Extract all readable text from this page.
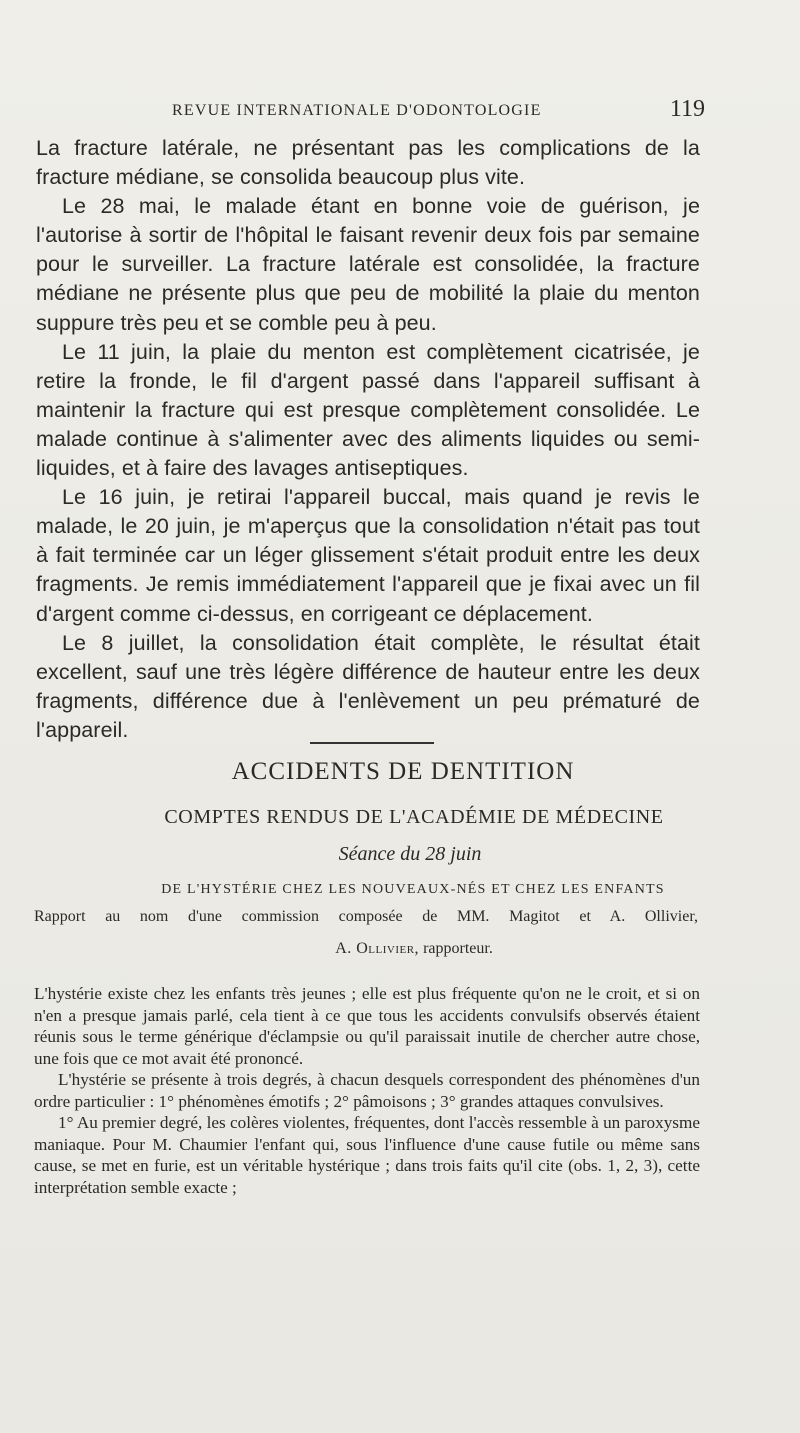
REVUE INTERNATIONALE D'ODONTOLOGIE	119

La fracture latérale, ne présentant pas les complications de la fracture médiane, se consolida beaucoup plus vite.

Le 28 mai, le malade étant en bonne voie de guérison, je l'autorise à sortir de l'hôpital le faisant revenir deux fois par semaine pour le surveiller. La fracture latérale est consolidée, la fracture médiane ne présente plus que peu de mobilité la plaie du menton suppure très peu et se comble peu à peu.

Le 11 juin, la plaie du menton est complètement cicatrisée, je retire la fronde, le fil d'argent passé dans l'appareil suffisant à maintenir la fracture qui est presque complètement consolidée. Le malade continue à s'alimenter avec des aliments liquides ou semi-liquides, et à faire des lavages antiseptiques.

Le 16 juin, je retirai l'appareil buccal, mais quand je revis le malade, le 20 juin, je m'aperçus que la consolidation n'était pas tout à fait terminée car un léger glissement s'était produit entre les deux fragments. Je remis immédiatement l'appareil que je fixai avec un fil d'argent comme ci-dessus, en corrigeant ce déplacement.

Le 8 juillet, la consolidation était complète, le résultat était excellent, sauf une très légère différence de hauteur entre les deux fragments, différence due à l'enlèvement un peu prématuré de l'appareil.

ACCIDENTS DE DENTITION
COMPTES RENDUS DE L'ACADÉMIE DE MÉDECINE
Séance du 28 juin
DE L'HYSTÉRIE CHEZ LES NOUVEAUX-NÉS ET CHEZ LES ENFANTS
Rapport au nom d'une commission composée de MM. Magitot et A. Ollivier,
A. Ollivier, rapporteur.

L'hystérie existe chez les enfants très jeunes ; elle est plus fréquente qu'on ne le croit, et si on n'en a presque jamais parlé, cela tient à ce que tous les accidents convulsifs observés étaient réunis sous le terme générique d'éclampsie ou qu'il paraissait inutile de chercher autre chose, une fois que ce mot avait été prononcé.

L'hystérie se présente à trois degrés, à chacun desquels correspondent des phénomènes d'un ordre particulier : 1° phénomènes émotifs ; 2° pâmoisons ; 3° grandes attaques convulsives.

1° Au premier degré, les colères violentes, fréquentes, dont l'accès ressemble à un paroxysme maniaque. Pour M. Chaumier l'enfant qui, sous l'influence d'une cause futile ou même sans cause, se met en furie, est un véritable hystérique ; dans trois faits qu'il cite (obs. 1, 2, 3), cette interprétation semble exacte ;
